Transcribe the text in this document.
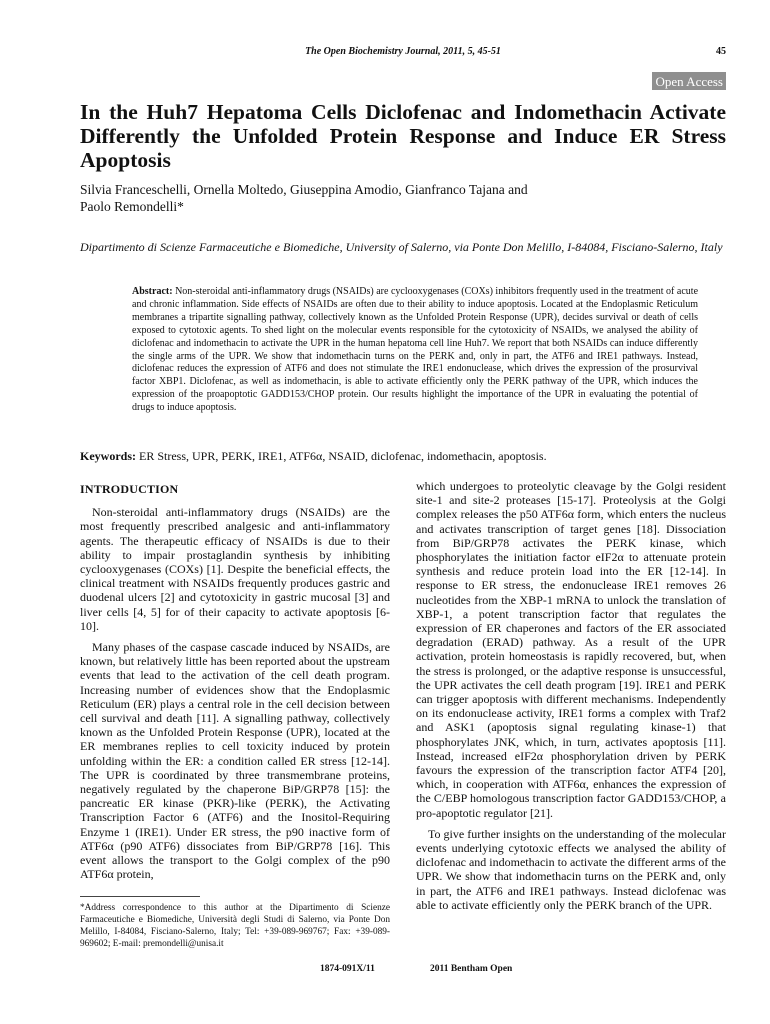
The Open Biochemistry Journal, 2011, 5, 45-51	45
Open Access
In the Huh7 Hepatoma Cells Diclofenac and Indomethacin Activate Differently the Unfolded Protein Response and Induce ER Stress Apoptosis

Silvia Franceschelli, Ornella Moltedo, Giuseppina Amodio, Gianfranco Tajana and
Paolo Remondelli*

Dipartimento di Scienze Farmaceutiche e Biomediche, University of Salerno, via Ponte Don Melillo, I-84084, Fisciano-Salerno, Italy

Abstract: Non-steroidal anti-inflammatory drugs (NSAIDs) are cyclooxygenases (COXs) inhibitors frequently used in the treatment of acute and chronic inflammation. Side effects of NSAIDs are often due to their ability to induce apoptosis. Located at the Endoplasmic Reticulum membranes a tripartite signalling pathway, collectively known as the Unfolded Protein Response (UPR), decides survival or death of cells exposed to cytotoxic agents. To shed light on the molecular events responsible for the cytotoxicity of NSAIDs, we analysed the ability of diclofenac and indomethacin to activate the UPR in the human hepatoma cell line Huh7. We report that both NSAIDs can induce differently the single arms of the UPR. We show that indomethacin turns on the PERK and, only in part, the ATF6 and IRE1 pathways. Instead, diclofenac reduces the expression of ATF6 and does not stimulate the IRE1 endonuclease, which drives the expression of the prosurvival factor XBP1. Diclofenac, as well as indomethacin, is able to activate efficiently only the PERK pathway of the UPR, which induces the expression of the proapoptotic GADD153/CHOP protein. Our results highlight the importance of the UPR in evaluating the potential of drugs to induce apoptosis.

Keywords: ER Stress, UPR, PERK, IRE1, ATF6α, NSAID, diclofenac, indomethacin, apoptosis.

INTRODUCTION

Non-steroidal anti-inflammatory drugs (NSAIDs) are the most frequently prescribed analgesic and anti-inflammatory agents. The therapeutic efficacy of NSAIDs is due to their ability to impair prostaglandin synthesis by inhibiting cyclooxygenases (COXs) [1]. Despite the beneficial effects, the clinical treatment with NSAIDs frequently produces gastric and duodenal ulcers [2] and cytotoxicity in gastric mucosal [3] and liver cells [4, 5] for of their capacity to activate apoptosis [6-10].

Many phases of the caspase cascade induced by NSAIDs, are known, but relatively little has been reported about the upstream events that lead to the activation of the cell death program. Increasing number of evidences show that the Endoplasmic Reticulum (ER) plays a central role in the cell decision between cell survival and death [11]. A signalling pathway, collectively known as the Unfolded Protein Response (UPR), located at the ER membranes replies to cell toxicity induced by protein unfolding within the ER: a condition called ER stress [12-14]. The UPR is coordinated by three transmembrane proteins, negatively regulated by the chaperone BiP/GRP78 [15]: the pancreatic ER kinase (PKR)-like (PERK), the Activating Transcription Factor 6 (ATF6) and the Inositol-Requiring Enzyme 1 (IRE1). Under ER stress, the p90 inactive form of ATF6α (p90 ATF6) dissociates from BiP/GRP78 [16]. This event allows the transport to the Golgi complex of the p90 ATF6α protein,

which undergoes to proteolytic cleavage by the Golgi resident site-1 and site-2 proteases [15-17]. Proteolysis at the Golgi complex releases the p50 ATF6α form, which enters the nucleus and activates transcription of target genes [18]. Dissociation from BiP/GRP78 activates the PERK kinase, which phosphorylates the initiation factor eIF2α to attenuate protein synthesis and reduce protein load into the ER [12-14]. In response to ER stress, the endonuclease IRE1 removes 26 nucleotides from the XBP-1 mRNA to unlock the translation of XBP-1, a potent transcription factor that regulates the expression of ER chaperones and factors of the ER associated degradation (ERAD) pathway. As a result of the UPR activation, protein homeostasis is rapidly recovered, but, when the stress is prolonged, or the adaptive response is unsuccessful, the UPR activates the cell death program [19]. IRE1 and PERK can trigger apoptosis with different mechanisms. Independently on its endonuclease activity, IRE1 forms a complex with Traf2 and ASK1 (apoptosis signal regulating kinase-1) that phosphorylates JNK, which, in turn, activates apoptosis [11]. Instead, increased eIF2α phosphorylation driven by PERK favours the expression of the transcription factor ATF4 [20], which, in cooperation with ATF6α, enhances the expression of the C/EBP homologous transcription factor GADD153/CHOP, a pro-apoptotic regulator [21].

To give further insights on the understanding of the molecular events underlying cytotoxic effects we analysed the ability of diclofenac and indomethacin to activate the different arms of the UPR. We show that indomethacin turns on the PERK and, only in part, the ATF6 and IRE1 pathways. Instead diclofenac was able to activate efficiently only the PERK branch of the UPR.

*Address correspondence to this author at the Dipartimento di Scienze Farmaceutiche e Biomediche, Università degli Studi di Salerno, via Ponte Don Melillo, I-84084, Fisciano-Salerno, Italy; Tel: +39-089-969767; Fax: +39-089-969602; E-mail: premondelli@unisa.it

1874-091X/11	2011 Bentham Open
